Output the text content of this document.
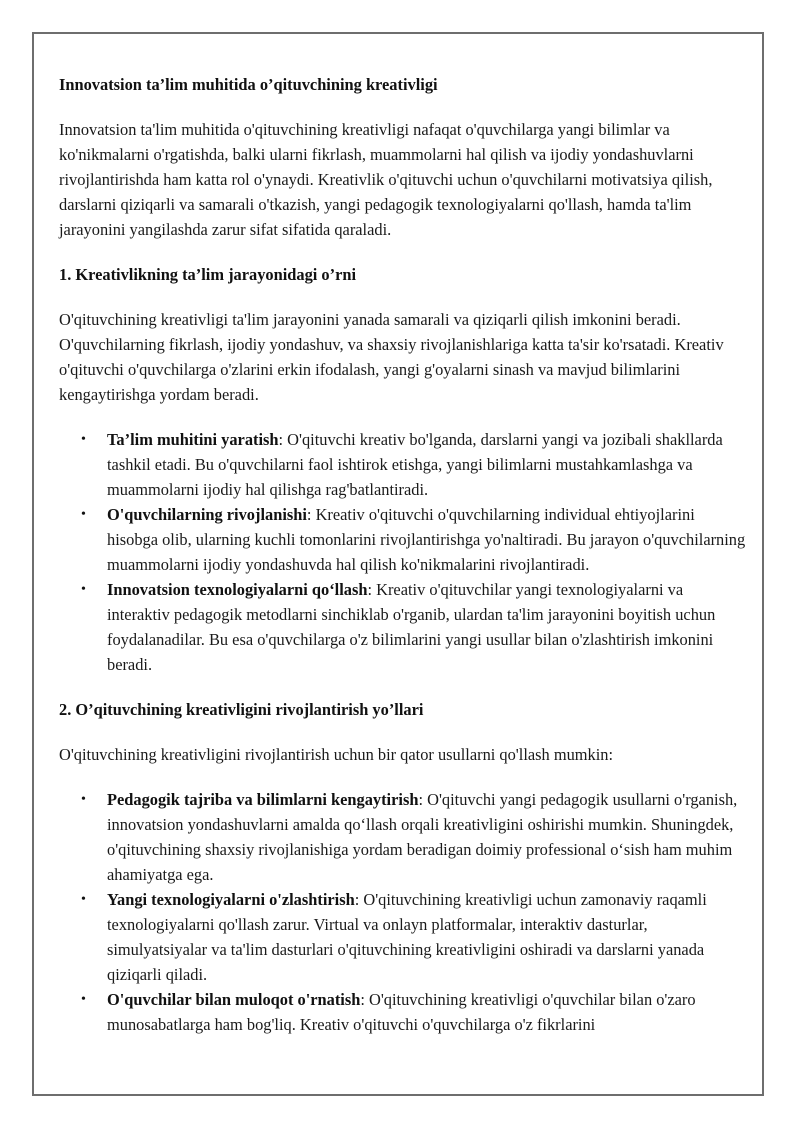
Innovatsion ta’lim muhitida o’qituvchining kreativligi

Innovatsion ta'lim muhitida o'qituvchining kreativligi nafaqat o'quvchilarga yangi bilimlar va ko'nikmalarni o'rgatishda, balki ularni fikrlash, muammolarni hal qilish va ijodiy yondashuvlarni rivojlantirishda ham katta rol o'ynaydi. Kreativlik o'qituvchi uchun o'quvchilarni motivatsiya qilish, darslarni qiziqarli va samarali o'tkazish, yangi pedagogik texnologiyalarni qo'llash, hamda ta'lim jarayonini yangilashda zarur sifat sifatida qaraladi.

1. Kreativlikning ta’lim jarayonidagi o’rni

O'qituvchining kreativligi ta'lim jarayonini yanada samarali va qiziqarli qilish imkonini beradi. O'quvchilarning fikrlash, ijodiy yondashuv, va shaxsiy rivojlanishlariga katta ta'sir ko'rsatadi. Kreativ o'qituvchi o'quvchilarga o'zlarini erkin ifodalash, yangi g'oyalarni sinash va mavjud bilimlarini kengaytirishga yordam beradi.

• Ta’lim muhitini yaratish: O'qituvchi kreativ bo'lganda, darslarni yangi va jozibali shakllarda tashkil etadi. Bu o'quvchilarni faol ishtirok etishga, yangi bilimlarni mustahkamlashga va muammolarni ijodiy hal qilishga rag'batlantiradi.
• O'quvchilarning rivojlanishi: Kreativ o'qituvchi o'quvchilarning individual ehtiyojlarini hisobga olib, ularning kuchli tomonlarini rivojlantirishga yo'naltiradi. Bu jarayon o'quvchilarning muammolarni ijodiy yondashuvda hal qilish ko'nikmalarini rivojlantiradi.
• Innovatsion texnologiyalarni qo‘llash: Kreativ o'qituvchilar yangi texnologiyalarni va interaktiv pedagogik metodlarni sinchiklab o'rganib, ulardan ta'lim jarayonini boyitish uchun foydalanadilar. Bu esa o'quvchilarga o'z bilimlarini yangi usullar bilan o'zlashtirish imkonini beradi.
2. O’qituvchining kreativligini rivojlantirish yo’llari

O'qituvchining kreativligini rivojlantirish uchun bir qator usullarni qo'llash mumkin:

• Pedagogik tajriba va bilimlarni kengaytirish: O'qituvchi yangi pedagogik usullarni o'rganish, innovatsion yondashuvlarni amalda qo‘llash orqali kreativligini oshirishi mumkin. Shuningdek, o'qituvchining shaxsiy rivojlanishiga yordam beradigan doimiy professional o‘sish ham muhim ahamiyatga ega.
• Yangi texnologiyalarni o'zlashtirish: O'qituvchining kreativligi uchun zamonaviy raqamli texnologiyalarni qo'llash zarur. Virtual va onlayn platformalar, interaktiv dasturlar, simulyatsiyalar va ta'lim dasturlari o'qituvchining kreativligini oshiradi va darslarni yanada qiziqarli qiladi.
• O'quvchilar bilan muloqot o'rnatish: O'qituvchining kreativligi o'quvchilar bilan o'zaro munosabatlarga ham bog'liq. Kreativ o'qituvchi o'quvchilarga o'z fikrlarini
